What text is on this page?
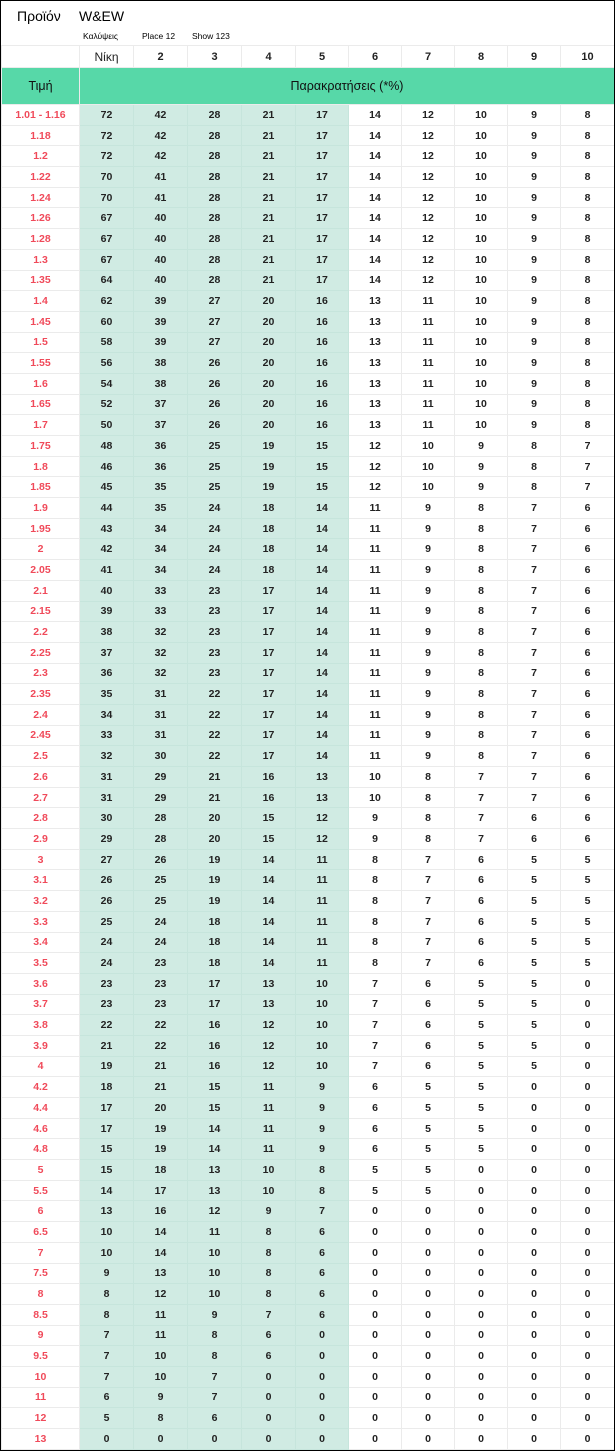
Προϊόν W&EW
Καλύψεις	Place 12 Show 123
	Νίκη	2	3	4	5	6	7	8	9	10
Τιμή	Παρακρατήσεις (*%)									
1.01 - 1.16	72	42	28	21	17	14	12	10	9	8
1.18	72	42	28	21	17	14	12	10	9	8
1.2	72	42	28	21	17	14	12	10	9	8
1.22	70	41	28	21	17	14	12	10	9	8
1.24	70	41	28	21	17	14	12	10	9	8
1.26	67	40	28	21	17	14	12	10	9	8
1.28	67	40	28	21	17	14	12	10	9	8
1.3	67	40	28	21	17	14	12	10	9	8
1.35	64	40	28	21	17	14	12	10	9	8
1.4	62	39	27	20	16	13	11	10	9	8
1.45	60	39	27	20	16	13	11	10	9	8
1.5	58	39	27	20	16	13	11	10	9	8
1.55	56	38	26	20	16	13	11	10	9	8
1.6	54	38	26	20	16	13	11	10	9	8
1.65	52	37	26	20	16	13	11	10	9	8
1.7	50	37	26	20	16	13	11	10	9	8
1.75	48	36	25	19	15	12	10	9	8	7
1.8	46	36	25	19	15	12	10	9	8	7
1.85	45	35	25	19	15	12	10	9	8	7
1.9	44	35	24	18	14	11	9	8	7	6
1.95	43	34	24	18	14	11	9	8	7	6
2	42	34	24	18	14	11	9	8	7	6
2.05	41	34	24	18	14	11	9	8	7	6
2.1	40	33	23	17	14	11	9	8	7	6
2.15	39	33	23	17	14	11	9	8	7	6
2.2	38	32	23	17	14	11	9	8	7	6
2.25	37	32	23	17	14	11	9	8	7	6
2.3	36	32	23	17	14	11	9	8	7	6
2.35	35	31	22	17	14	11	9	8	7	6
2.4	34	31	22	17	14	11	9	8	7	6
2.45	33	31	22	17	14	11	9	8	7	6
2.5	32	30	22	17	14	11	9	8	7	6
2.6	31	29	21	16	13	10	8	7	7	6
2.7	31	29	21	16	13	10	8	7	7	6
2.8	30	28	20	15	12	9	8	7	6	6
2.9	29	28	20	15	12	9	8	7	6	6
3	27	26	19	14	11	8	7	6	5	5
3.1	26	25	19	14	11	8	7	6	5	5
3.2	26	25	19	14	11	8	7	6	5	5
3.3	25	24	18	14	11	8	7	6	5	5
3.4	24	24	18	14	11	8	7	6	5	5
3.5	24	23	18	14	11	8	7	6	5	5
3.6	23	23	17	13	10	7	6	5	5	0
3.7	23	23	17	13	10	7	6	5	5	0
3.8	22	22	16	12	10	7	6	5	5	0
3.9	21	22	16	12	10	7	6	5	5	0
4	19	21	16	12	10	7	6	5	5	0
4.2	18	21	15	11	9	6	5	5	0	0
4.4	17	20	15	11	9	6	5	5	0	0
4.6	17	19	14	11	9	6	5	5	0	0
4.8	15	19	14	11	9	6	5	5	0	0
5	15	18	13	10	8	5	5	0	0	0
5.5	14	17	13	10	8	5	5	0	0	0
6	13	16	12	9	7	0	0	0	0	0
6.5	10	14	11	8	6	0	0	0	0	0
7	10	14	10	8	6	0	0	0	0	0
7.5	9	13	10	8	6	0	0	0	0	0
8	8	12	10	8	6	0	0	0	0	0
8.5	8	11	9	7	6	0	0	0	0	0
9	7	11	8	6	0	0	0	0	0	0
9.5	7	10	8	6	0	0	0	0	0	0
10	7	10	7	0	0	0	0	0	0	0
11	6	9	7	0	0	0	0	0	0	0
12	5	8	6	0	0	0	0	0	0	0
13	0	0	0	0	0	0	0	0	0	0
